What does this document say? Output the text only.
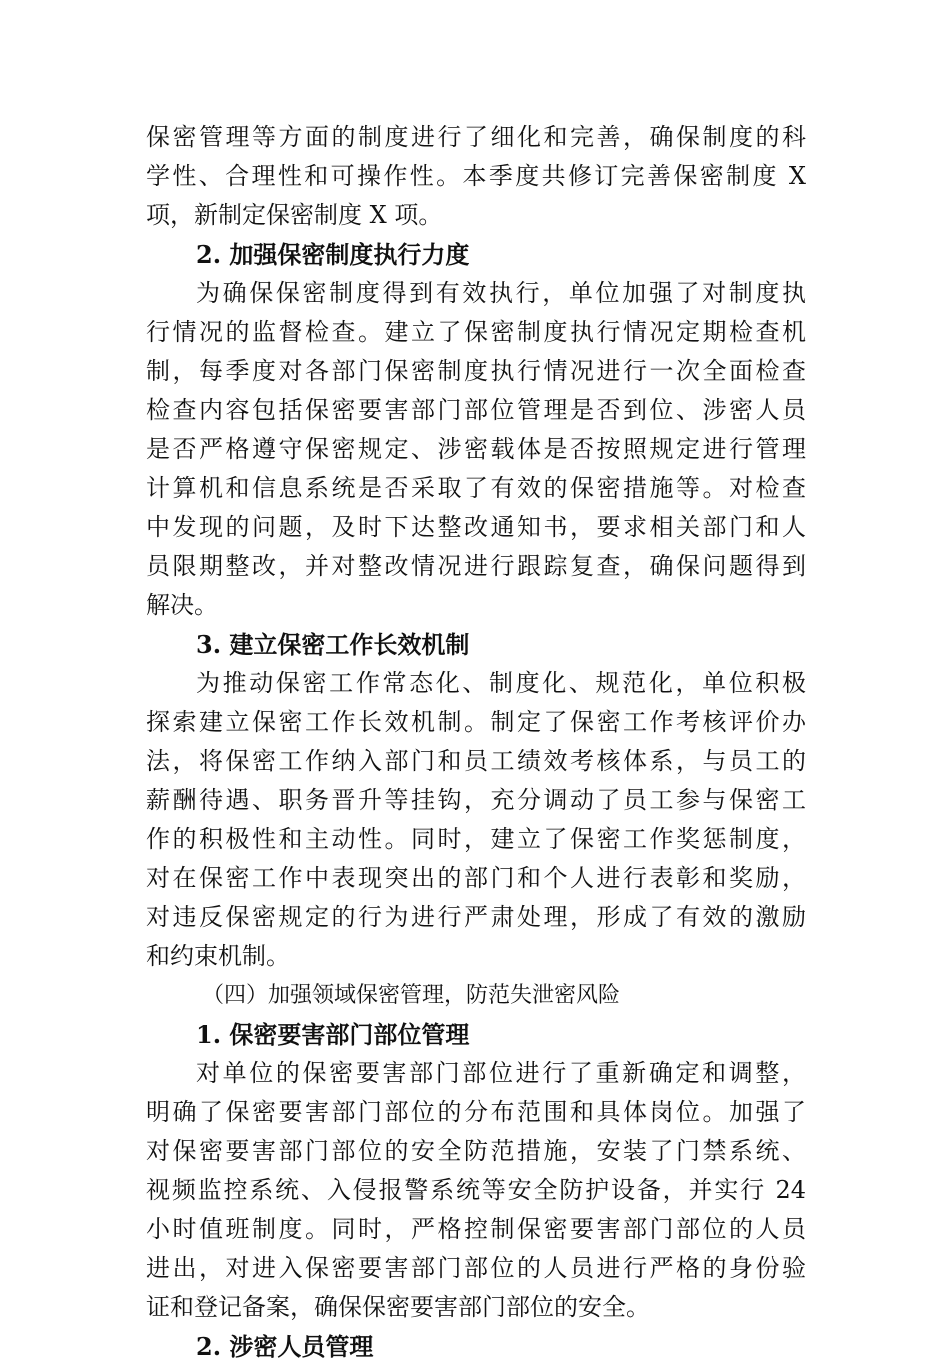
保密管理等方面的制度进行了细化和完善，确保制度的科
学性、合理性和可操作性。本季度共修订完善保密制度 X
项，新制定保密制度 X 项。
2. 加强保密制度执行力度
为确保保密制度得到有效执行，单位加强了对制度执
行情况的监督检查。建立了保密制度执行情况定期检查机
制，每季度对各部门保密制度执行情况进行一次全面检查
检查内容包括保密要害部门部位管理是否到位、涉密人员
是否严格遵守保密规定、涉密载体是否按照规定进行管理
计算机和信息系统是否采取了有效的保密措施等。对检查
中发现的问题，及时下达整改通知书，要求相关部门和人
员限期整改，并对整改情况进行跟踪复查，确保问题得到
解决。
3. 建立保密工作长效机制
为推动保密工作常态化、制度化、规范化，单位积极
探索建立保密工作长效机制。制定了保密工作考核评价办
法，将保密工作纳入部门和员工绩效考核体系，与员工的
薪酬待遇、职务晋升等挂钩，充分调动了员工参与保密工
作的积极性和主动性。同时，建立了保密工作奖惩制度，
对在保密工作中表现突出的部门和个人进行表彰和奖励，
对违反保密规定的行为进行严肃处理，形成了有效的激励
和约束机制。
（四）加强领域保密管理，防范失泄密风险
1. 保密要害部门部位管理
对单位的保密要害部门部位进行了重新确定和调整，
明确了保密要害部门部位的分布范围和具体岗位。加强了
对保密要害部门部位的安全防范措施，安装了门禁系统、
视频监控系统、入侵报警系统等安全防护设备，并实行 24
小时值班制度。同时，严格控制保密要害部门部位的人员
进出，对进入保密要害部门部位的人员进行严格的身份验
证和登记备案，确保保密要害部门部位的安全。
2. 涉密人员管理
